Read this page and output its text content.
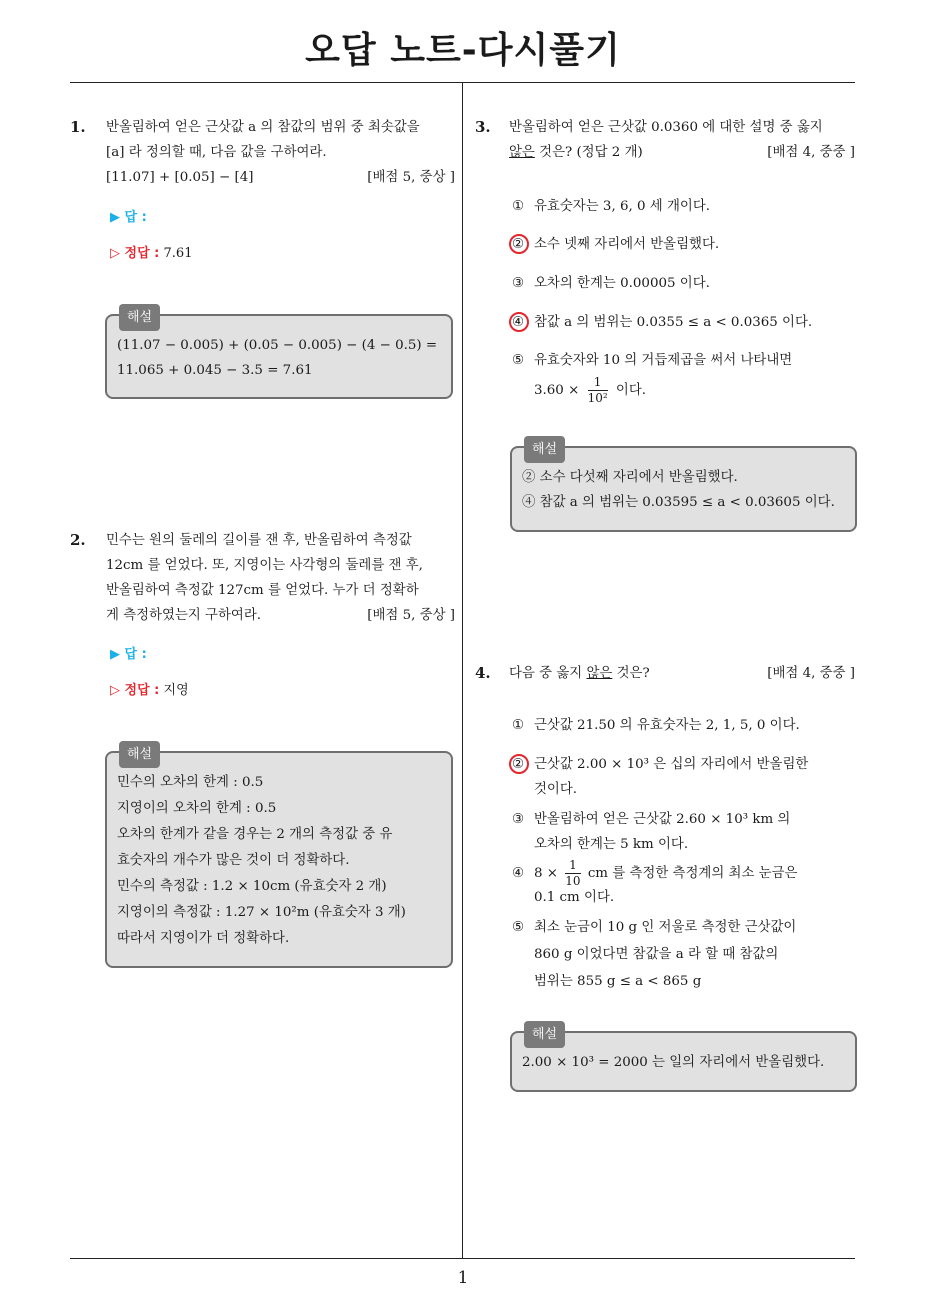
오답 노트-다시풀기
1
1. 반올림하여 얻은 근삿값 a 의 참값의 범위 중 최솟값을
[a] 라 정의할 때, 다음 값을 구하여라.
[11.07] + [0.05] − [4]	[배점 5, 중상 ]
▶ 답 :
▷ 정답 : 7.61
해설
(11.07 − 0.005) + (0.05 − 0.005) − (4 − 0.5) =
11.065 + 0.045 − 3.5 = 7.61
2. 민수는 원의 둘레의 길이를 잰 후, 반올림하여 측정값
12cm 를 얻었다. 또, 지영이는 사각형의 둘레를 잰 후,
반올림하여 측정값 127cm 를 얻었다. 누가 더 정확하
게 측정하였는지 구하여라.	[배점 5, 중상 ]
▶ 답 :
▷ 정답 : 지영
해설
민수의 오차의 한계 : 0.5
지영이의 오차의 한계 : 0.5
오차의 한계가 같을 경우는 2 개의 측정값 중 유
효숫자의 개수가 많은 것이 더 정확하다.
민수의 측정값 : 1.2 × 10cm (유효숫자 2 개)
지영이의 측정값 : 1.27 × 10²m (유효숫자 3 개)
따라서 지영이가 더 정확하다.
3. 반올림하여 얻은 근삿값 0.0360 에 대한 설명 중 옳지
않은 것은? (정답 2 개)	[배점 4, 중중 ]
① 유효숫자는 3, 6, 0 세 개이다.
② 소수 넷째 자리에서 반올림했다.
③ 오차의 한계는 0.00005 이다.
④ 참값 a 의 범위는 0.0355 ≤ a < 0.0365 이다.
⑤ 유효숫자와 10 의 거듭제곱을 써서 나타내면
$3.60 \times \frac{1}{\text{10²}}$ 이다.
해설
② 소수 다섯째 자리에서 반올림했다.
④ 참값 a 의 범위는 0.03595 ≤ a < 0.03605 이다.
4. 다음 중 옳지 않은 것은?	[배점 4, 중중 ]
① 근삿값 21.50 의 유효숫자는 2, 1, 5, 0 이다.
② 근삿값 2.00 × 10³ 은 십의 자리에서 반올림한
것이다.
③ 반올림하여 얻은 근삿값 2.60 × 10³ km 의
오차의 한계는 5 km 이다.
④ $8 \times \frac{1}{10}$ cm 를 측정한 측정계의 최소 눈금은
0.1 cm 이다.
⑤ 최소 눈금이 10 g 인 저울로 측정한 근삿값이
860 g 이었다면 참값을 a 라 할 때 참값의
범위는 855 g ≤ a < 865 g
해설
2.00 × 10³ = 2000 는 일의 자리에서 반올림했다.
